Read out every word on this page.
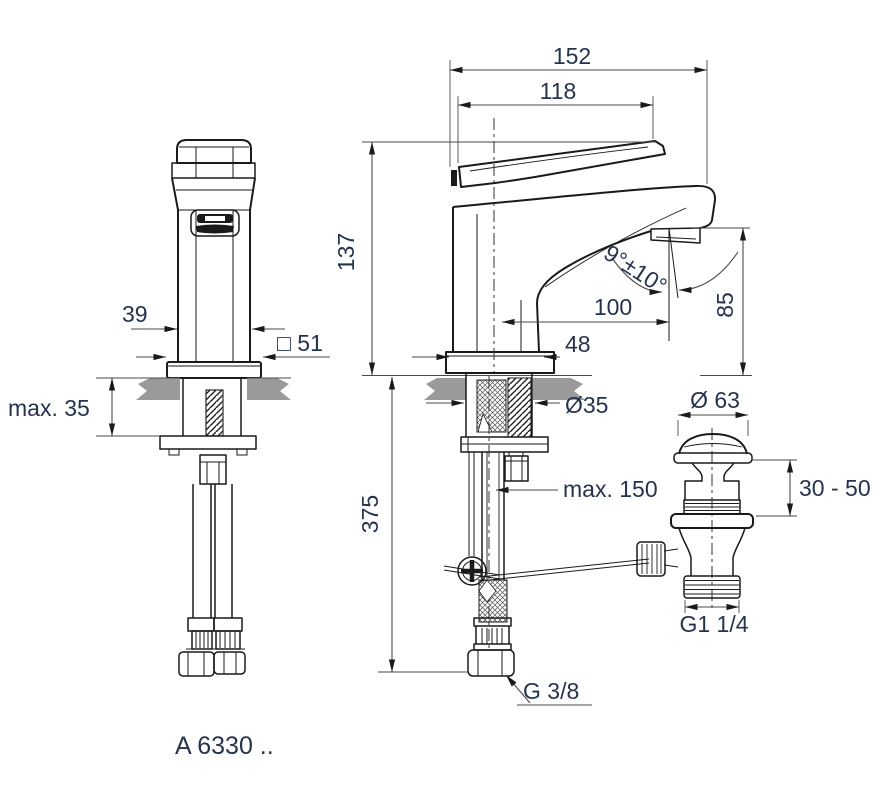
39
□ 51
max. 35
152
118
137	9°±10°
100
48
85
Ø35
max. 150
375
G 3/8
Ø 63
30 - 50
G1 1/4
A 6330 ..
